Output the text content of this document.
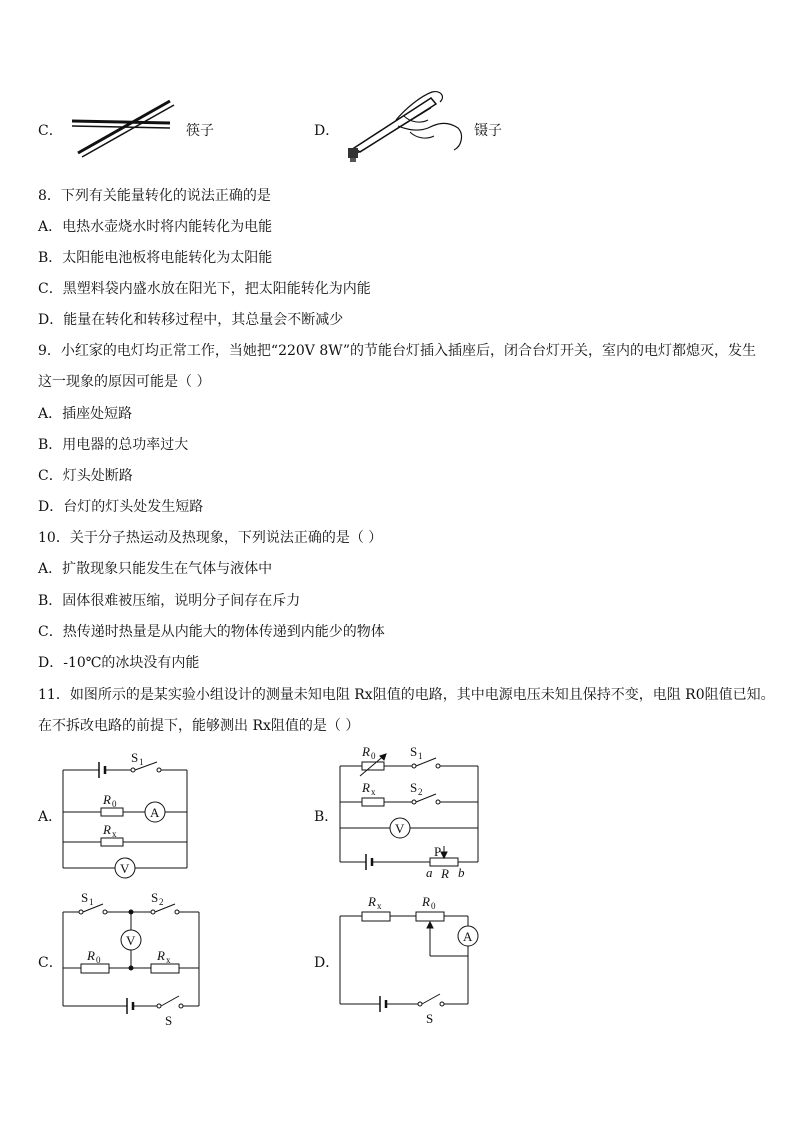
C．	筷子	D．	镊子
8．下列有关能量转化的说法正确的是
A．电热水壶烧水时将内能转化为电能
B．太阳能电池板将电能转化为太阳能
C．黑塑料袋内盛水放在阳光下，把太阳能转化为内能
D．能量在转化和转移过程中，其总量会不断减少
9．小红家的电灯均正常工作，当她把“220V 8W”的节能台灯插入插座后，闭合台灯开关，室内的电灯都熄灭，发生
这一现象的原因可能是（ ）
A．插座处短路
B．用电器的总功率过大
C．灯头处断路
D．台灯的灯头处发生短路
10．关于分子热运动及热现象，下列说法正确的是（ ）
A．扩散现象只能发生在气体与液体中
B．固体很难被压缩，说明分子间存在斥力
C．热传递时热量是从内能大的物体传递到内能少的物体
D．-10℃的冰块没有内能
11．如图所示的是某实验小组设计的测量未知电阻 Rx阻值的电路，其中电源电压未知且保持不变，电阻 R0阻值已知。
在不拆改电路的前提下，能够测出 Rx阻值的是（ ）
A．
S 1
R 0
A
R x
V
B．
R 0	S 1
R x	S 2
V
P
a R b
C．
S 1	S 2
V
R 0	R x
S
D．
R x	R 0
A
S
